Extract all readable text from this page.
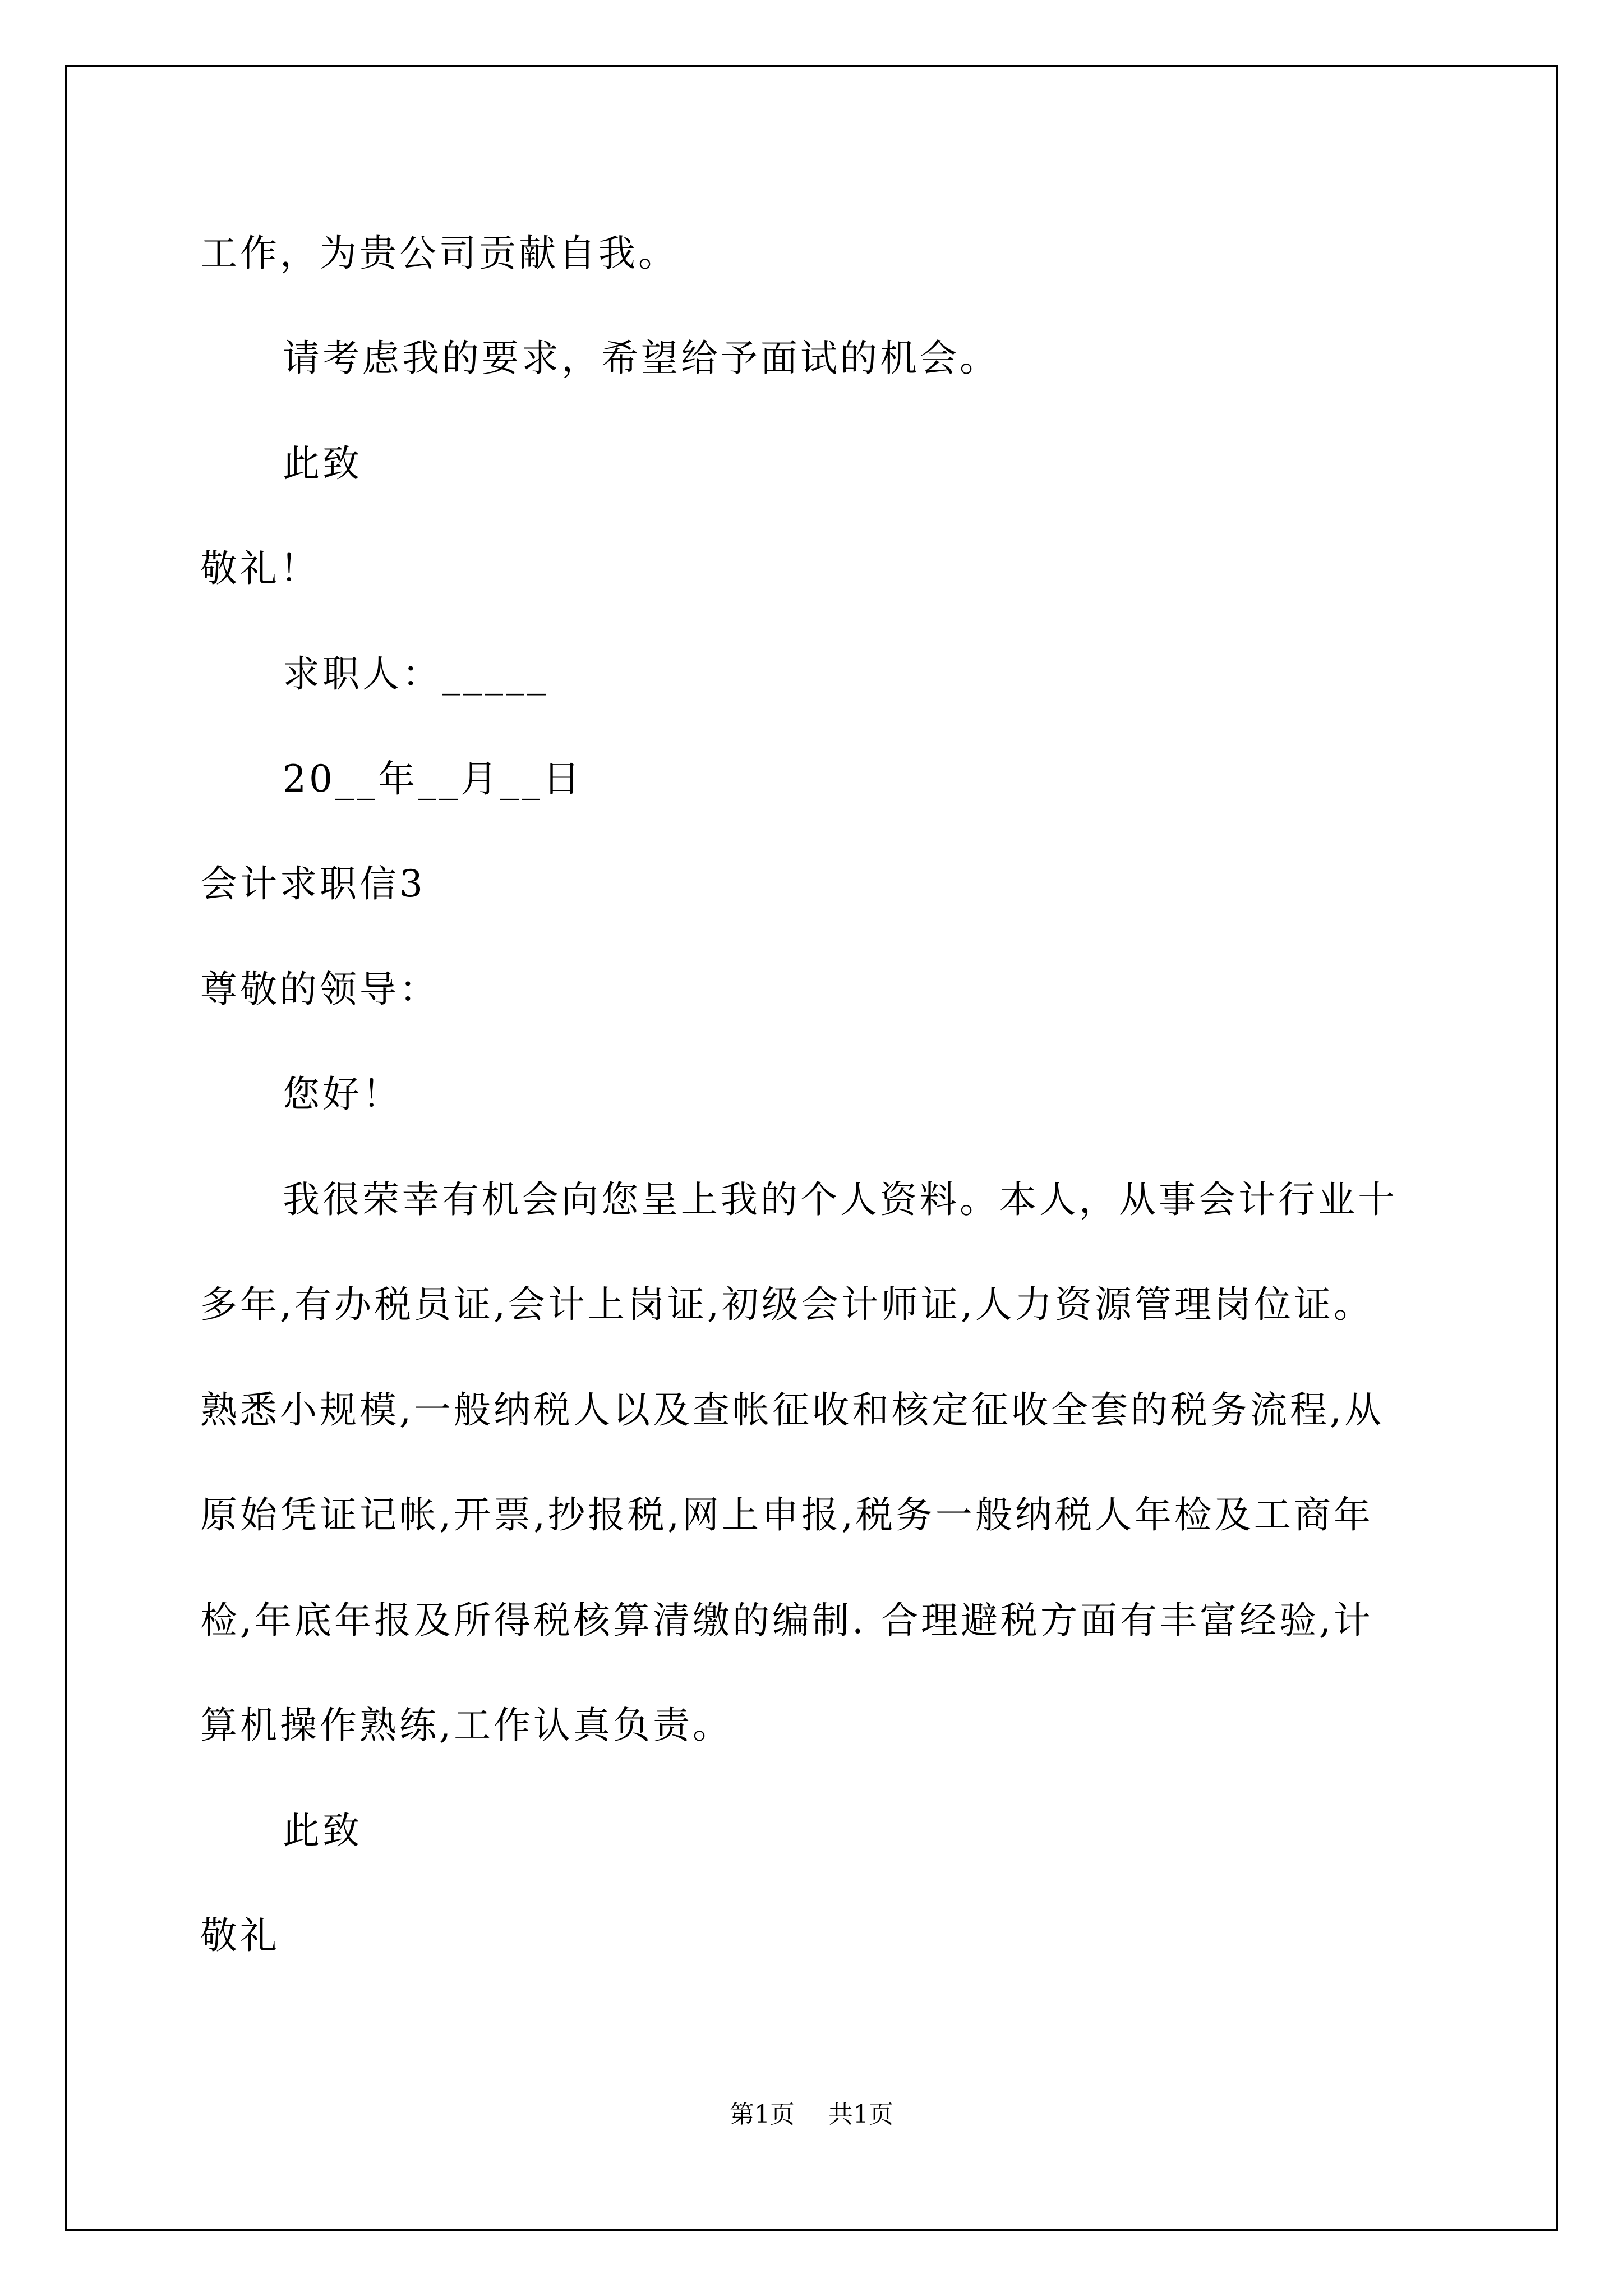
工作，为贵公司贡献自我。
请考虑我的要求，希望给予面试的机会。
此致
敬礼！
求职人：_____
20__年__月__日
会计求职信3
尊敬的领导：
您好！
我很荣幸有机会向您呈上我的个人资料。本人，从事会计行业十
多年,有办税员证,会计上岗证,初级会计师证,人力资源管理岗位证。
熟悉小规模,一般纳税人以及查帐征收和核定征收全套的税务流程,从
原始凭证记帐,开票,抄报税,网上申报,税务一般纳税人年检及工商年
检,年底年报及所得税核算清缴的编制. 合理避税方面有丰富经验,计
算机操作熟练,工作认真负责。
此致
敬礼
第1页 共1页
